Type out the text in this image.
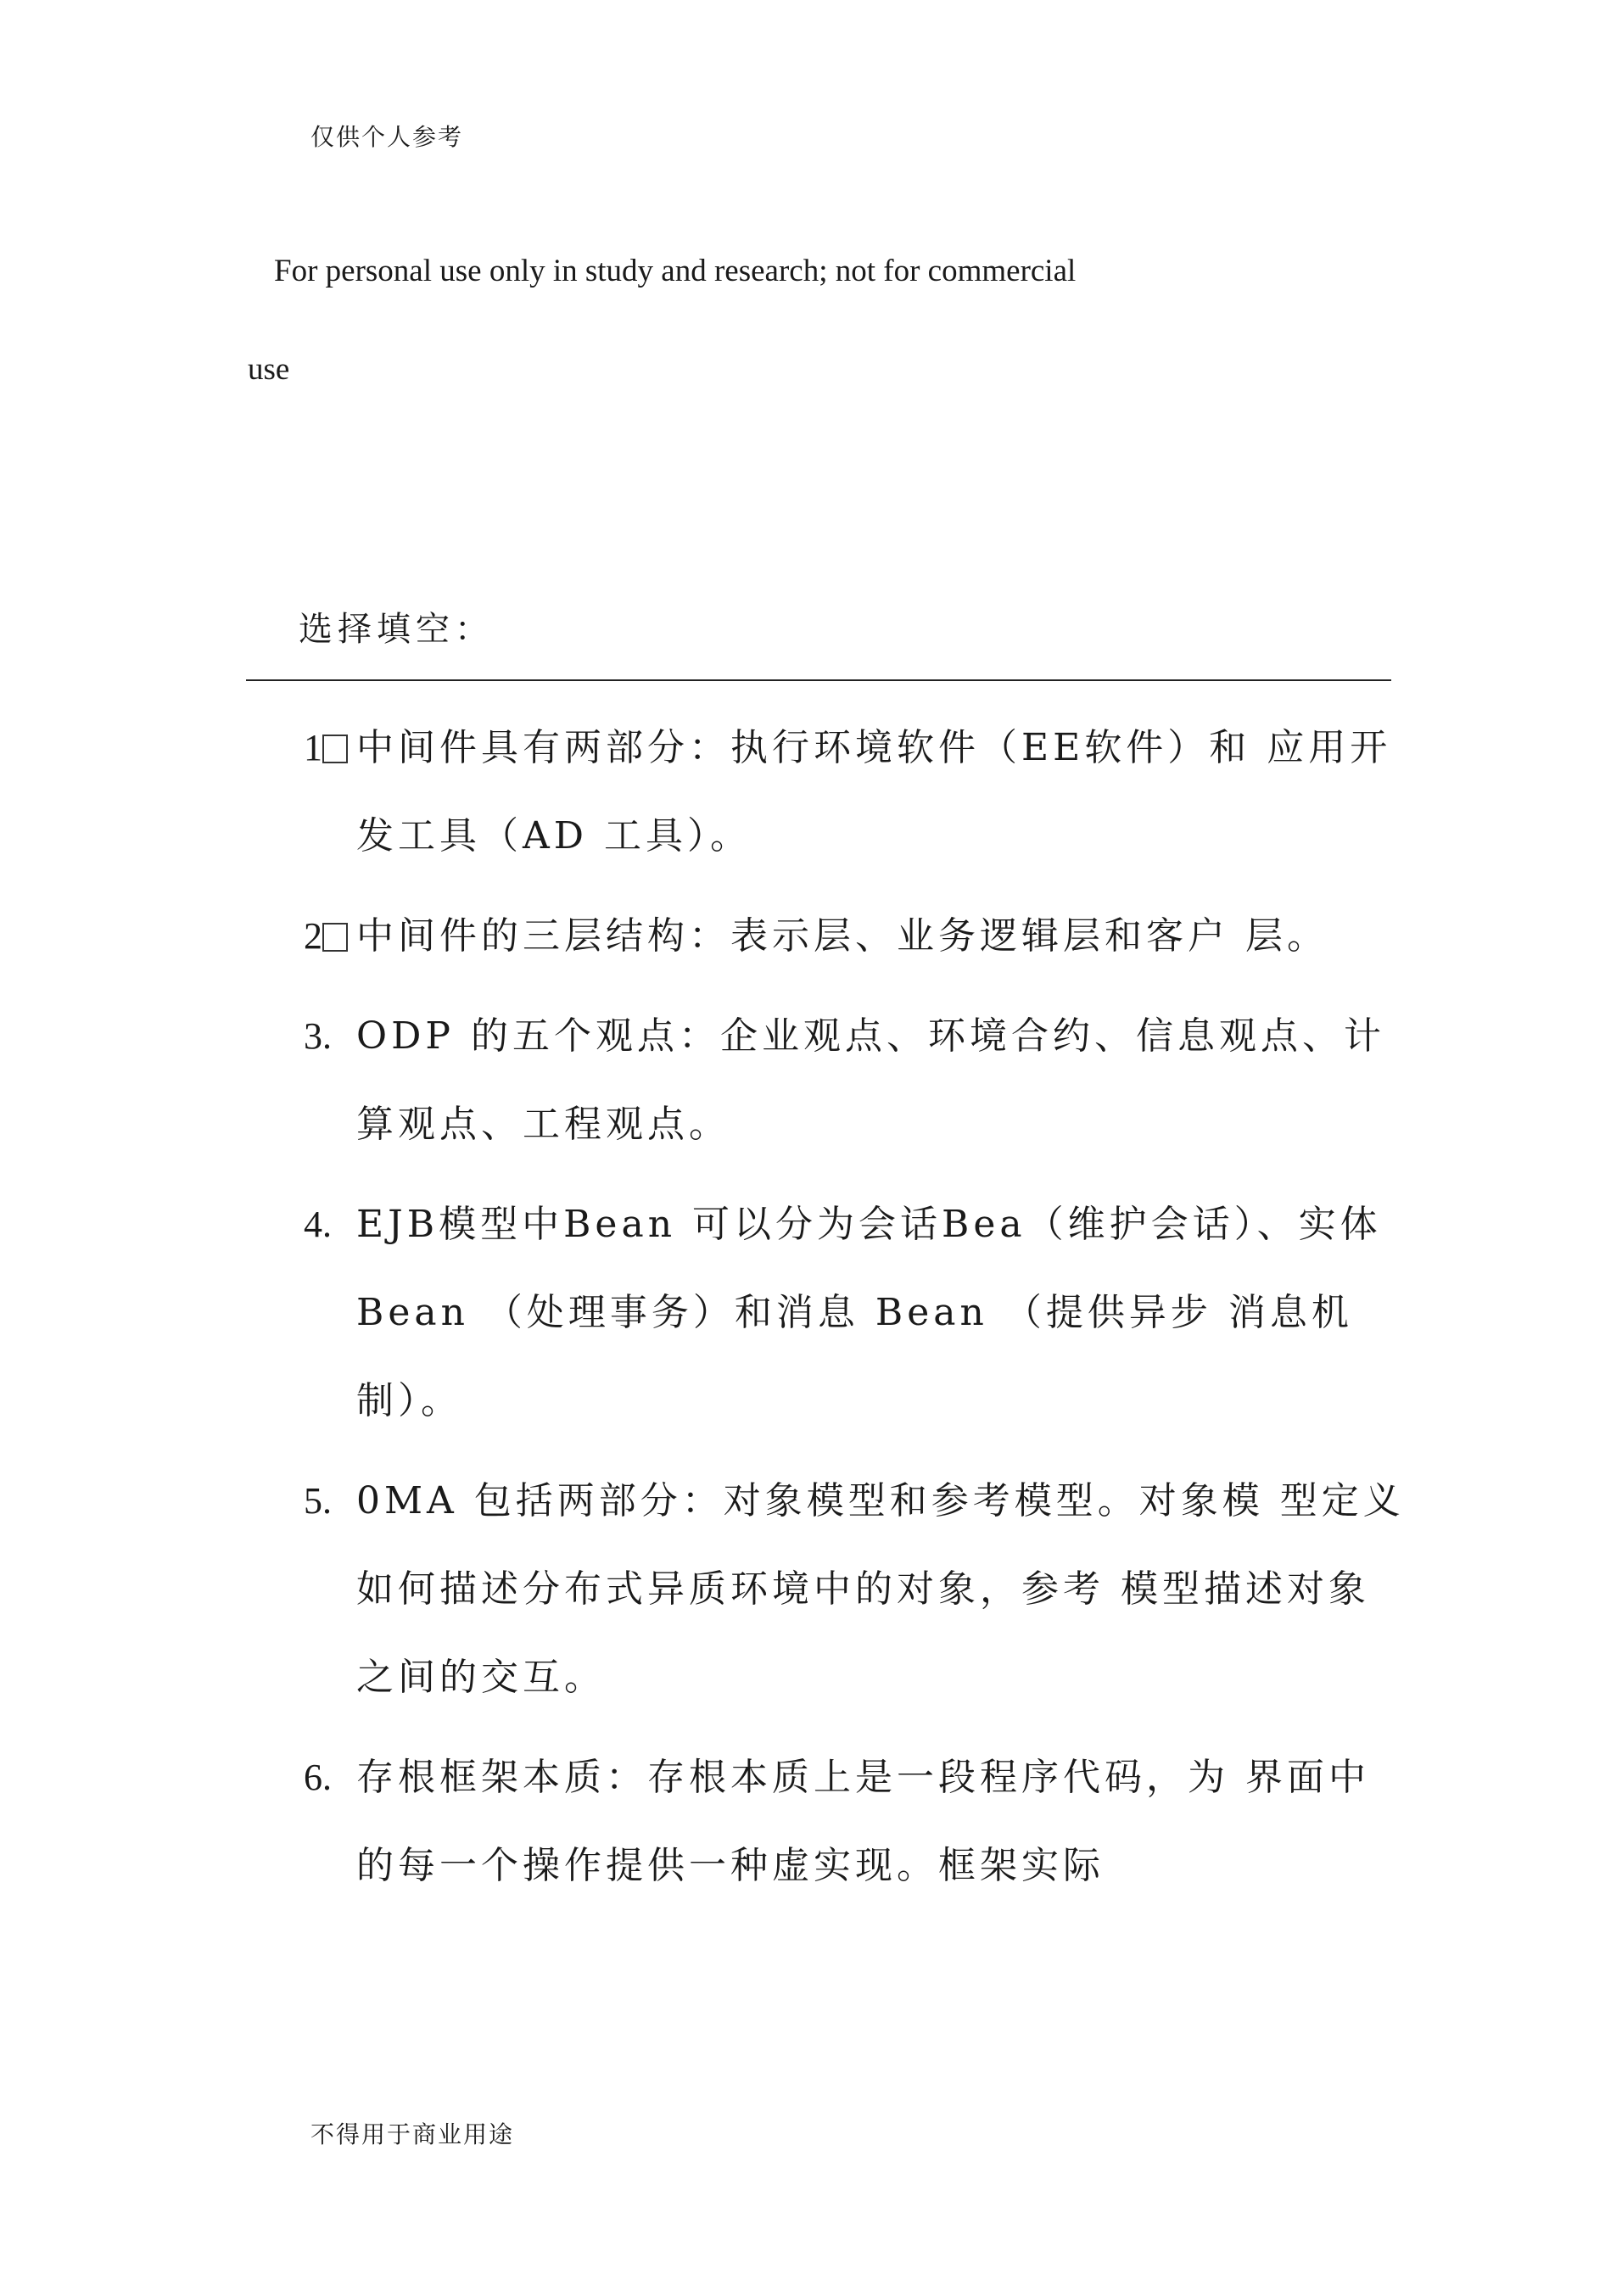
仅供个人参考
For personal use only in study and research; not for commercial
use
选择填空：
1 中间件具有两部分：执行环境软件（EE软件）和 应用开发工具（AD 工具）。
2 中间件的三层结构：表示层、业务逻辑层和客户 层。
3. ODP 的五个观点：企业观点、环境合约、信息观点、计算观点、工程观点。
4. EJB模型中Bean 可以分为会话Bea（维护会话）、实体Bean （处理事务）和消息 Bean （提供异步 消息机制）。
5. 0MA 包括两部分：对象模型和参考模型。对象模 型定义如何描述分布式异质环境中的对象，参考 模型描述对象之间的交互。
6. 存根框架本质：存根本质上是一段程序代码，为 界面中的每一个操作提供一种虚实现。框架实际
不得用于商业用途
